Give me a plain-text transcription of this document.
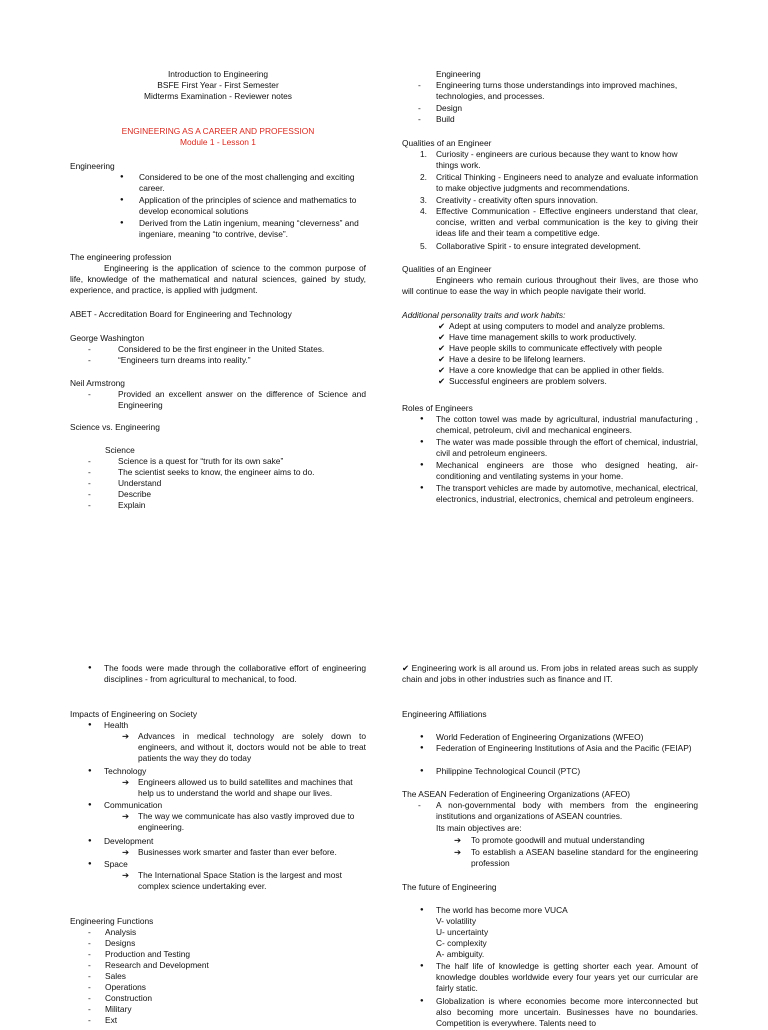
Introduction to Engineering

BSFE First Year - First Semester

Midterms Examination - Reviewer notes

ENGINEERING AS A CAREER AND PROFESSION

Module 1 - Lesson 1

Engineering

●	Considered to be one of the most challenging and exciting career.
●	Application of the principles of science and mathematics to develop economical solutions
●	Derived from the Latin ingenium, meaning “cleverness” and ingeniare, meaning “to contrive, devise”.

The engineering profession

Engineering is the application of science to the common purpose of life, knowledge of the mathematical and natural sciences, gained by study, experience, and practice, is applied with judgment.

ABET - Accreditation Board for Engineering and Technology

George Washington

-	Considered to be the first engineer in the United States.
-	“Engineers turn dreams into reality.”

Neil Armstrong

-	Provided an excellent answer on the difference of Science and Engineering

Science vs. Engineering

Science

-	Science is a quest for “truth for its own sake”
-	The scientist seeks to know, the engineer aims to do.
-	Understand
-	Describe
-	Explain

Engineering

-	Engineering turns those understandings into improved machines, technologies, and processes.
-	Design
-	Build

Qualities of an Engineer

1.	Curiosity - engineers are curious because they want to know how things work.
2.	Critical Thinking - Engineers need to analyze and evaluate information to make objective judgments and recommendations.
3.	Creativity - creativity often spurs innovation.
4.	Effective Communication - Effective engineers understand that clear, concise, written and verbal communication is the key to giving their ideas life and their team a competitive edge.
5.	Collaborative Spirit - to ensure integrated development.

Qualities of an Engineer

Engineers who remain curious throughout their lives, are those who will continue to ease the way in which people navigate their world.

Additional personality traits and work habits:

✔ Adept at using computers to model and analyze problems.
✔ Have time management skills to work productively.
✔ Have people skills to communicate effectively with people
✔ Have a desire to be lifelong learners.
✔ Have a core knowledge that can be applied in other fields.
✔ Successful engineers are problem solvers.

Roles of Engineers

●	The cotton towel was made by agricultural, industrial manufacturing , chemical, petroleum, civil and mechanical engineers.
●	The water was made possible through the effort of chemical, industrial, civil and petroleum engineers.
●	Mechanical engineers are those who designed heating, air-conditioning and ventilating systems in your home.
●	The transport vehicles are made by automotive, mechanical, electrical, electronics, industrial, electronics, chemical and petroleum engineers.
●	The foods were made through the collaborative effort of engineering disciplines - from agricultural to mechanical, to food.

Impacts of Engineering on Society

●	Health
➔	Advances in medical technology are solely down to engineers, and without it, doctors would not be able to treat patients the way they do today
●	Technology
➔	Engineers allowed us to build satellites and machines that help us to understand the world and shape our lives.
●	Communication
➔	The way we communicate has also vastly improved due to engineering.
●	Development
➔	Businesses work smarter and faster than ever before.
●	Space
➔	The International Space Station is the largest and most complex science undertaking ever.

Engineering Functions

-	Analysis
-	Designs
-	Production and Testing
-	Research and Development
-	Sales
-	Operations
-	Construction
-	Military
-	Ext
✔ Engineering work is all around us. From jobs in related areas such as supply chain and jobs in other industries such as finance and IT.

Engineering Affiliations

●	World Federation of Engineering Organizations (WFEO)
●	Federation of Engineering Institutions of Asia and the Pacific (FEIAP)
●	Philippine Technological Council (PTC)

The ASEAN Federation of Engineering Organizations (AFEO)

-	A non-governmental body with members from the engineering institutions and organizations of ASEAN countries.

Its main objectives are:

➔	To promote goodwill and mutual understanding
➔	To establish a ASEAN baseline standard for the engineering profession

The future of Engineering

●	The world has become more VUCA

V- volatility

U- uncertainty

C- complexity

A- ambiguity.

●	The half life of knowledge is getting shorter each year. Amount of knowledge doubles worldwide every four years yet our curricular are fairly static.
●	Globalization is where economies become more interconnected but also becoming more uncertain. Businesses have no boundaries. Competition is everywhere. Talents need to
